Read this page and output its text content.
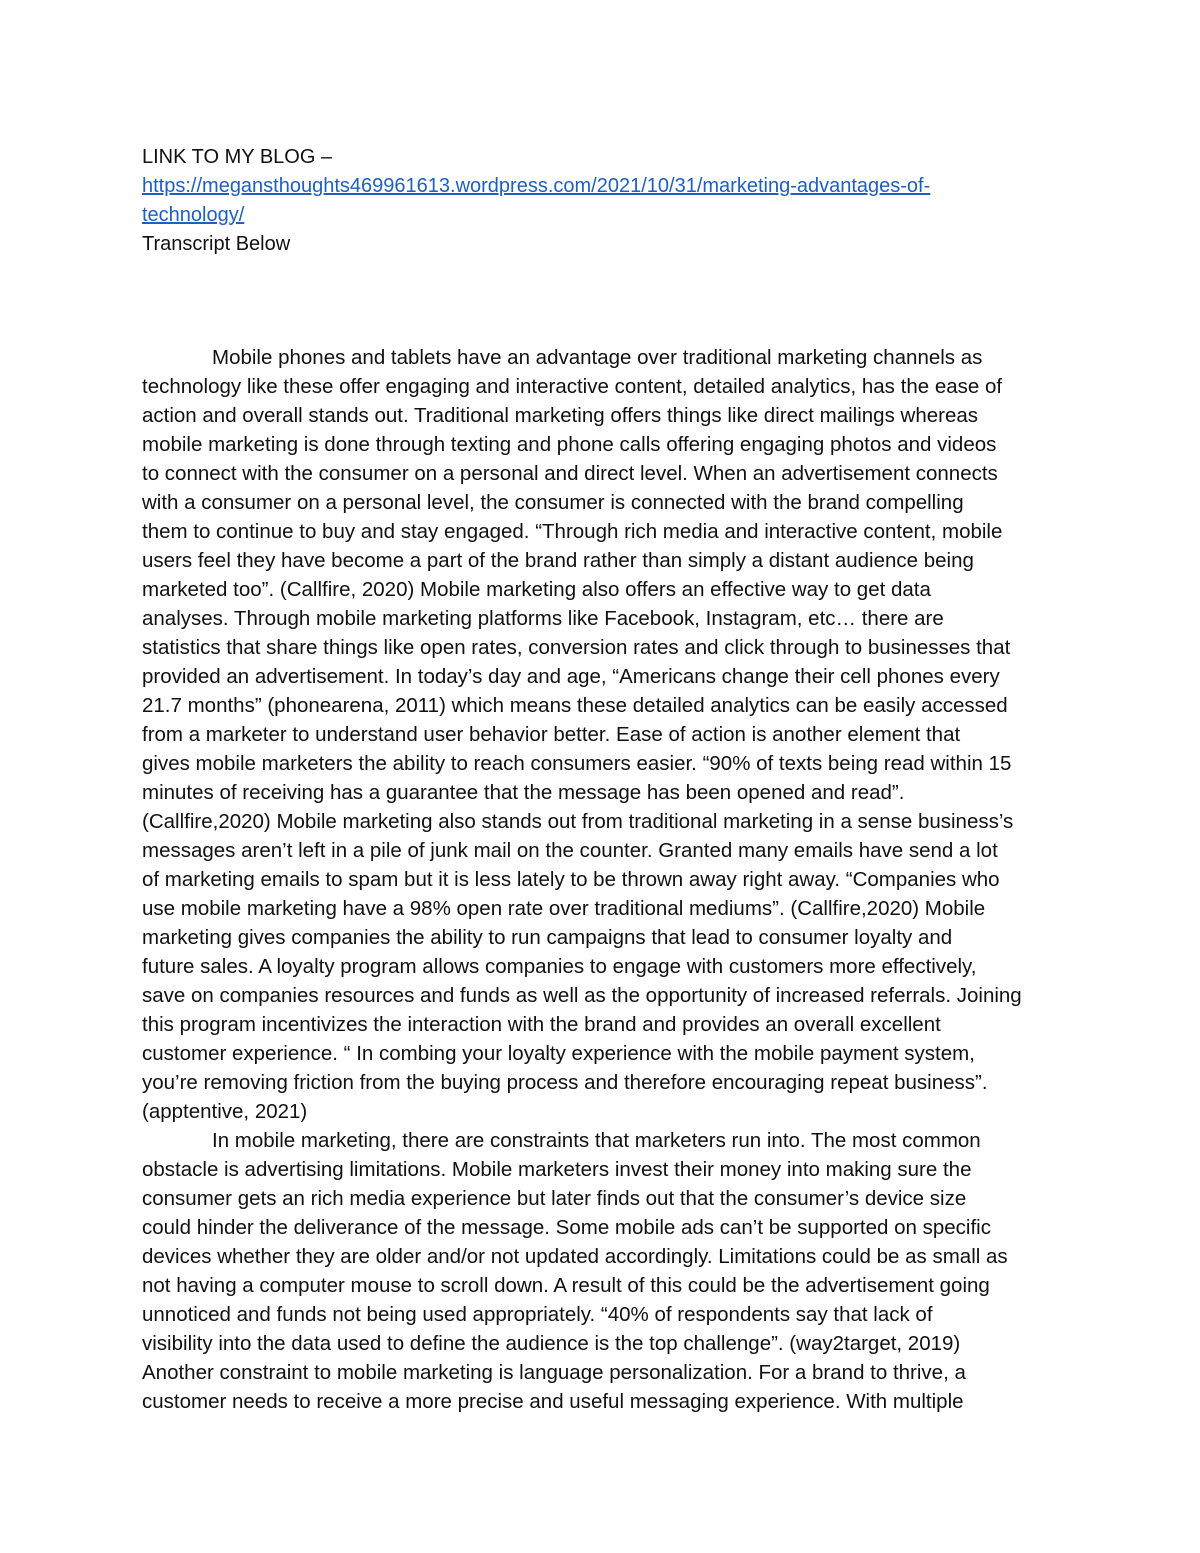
LINK TO MY BLOG –
https://megansthoughts469961613.wordpress.com/2021/10/31/marketing-advantages-of-
technology/
Transcript Below
Mobile phones and tablets have an advantage over traditional marketing channels as
technology like these offer engaging and interactive content, detailed analytics, has the ease of
action and overall stands out. Traditional marketing offers things like direct mailings whereas
mobile marketing is done through texting and phone calls offering engaging photos and videos
to connect with the consumer on a personal and direct level. When an advertisement connects
with a consumer on a personal level, the consumer is connected with the brand compelling
them to continue to buy and stay engaged. “Through rich media and interactive content, mobile
users feel they have become a part of the brand rather than simply a distant audience being
marketed too”. (Callfire, 2020) Mobile marketing also offers an effective way to get data
analyses. Through mobile marketing platforms like Facebook, Instagram, etc… there are
statistics that share things like open rates, conversion rates and click through to businesses that
provided an advertisement. In today’s day and age, “Americans change their cell phones every
21.7 months” (phonearena, 2011) which means these detailed analytics can be easily accessed
from a marketer to understand user behavior better. Ease of action is another element that
gives mobile marketers the ability to reach consumers easier. “90% of texts being read within 15
minutes of receiving has a guarantee that the message has been opened and read”.
(Callfire,2020) Mobile marketing also stands out from traditional marketing in a sense business’s
messages aren’t left in a pile of junk mail on the counter. Granted many emails have send a lot
of marketing emails to spam but it is less lately to be thrown away right away. “Companies who
use mobile marketing have a 98% open rate over traditional mediums”. (Callfire,2020) Mobile
marketing gives companies the ability to run campaigns that lead to consumer loyalty and
future sales. A loyalty program allows companies to engage with customers more effectively,
save on companies resources and funds as well as the opportunity of increased referrals. Joining
this program incentivizes the interaction with the brand and provides an overall excellent
customer experience. “ In combing your loyalty experience with the mobile payment system,
you’re removing friction from the buying process and therefore encouraging repeat business”.
(apptentive, 2021)
In mobile marketing, there are constraints that marketers run into. The most common
obstacle is advertising limitations. Mobile marketers invest their money into making sure the
consumer gets an rich media experience but later finds out that the consumer’s device size
could hinder the deliverance of the message. Some mobile ads can’t be supported on specific
devices whether they are older and/or not updated accordingly. Limitations could be as small as
not having a computer mouse to scroll down. A result of this could be the advertisement going
unnoticed and funds not being used appropriately. “40% of respondents say that lack of
visibility into the data used to define the audience is the top challenge”. (way2target, 2019)
Another constraint to mobile marketing is language personalization. For a brand to thrive, a
customer needs to receive a more precise and useful messaging experience. With multiple
